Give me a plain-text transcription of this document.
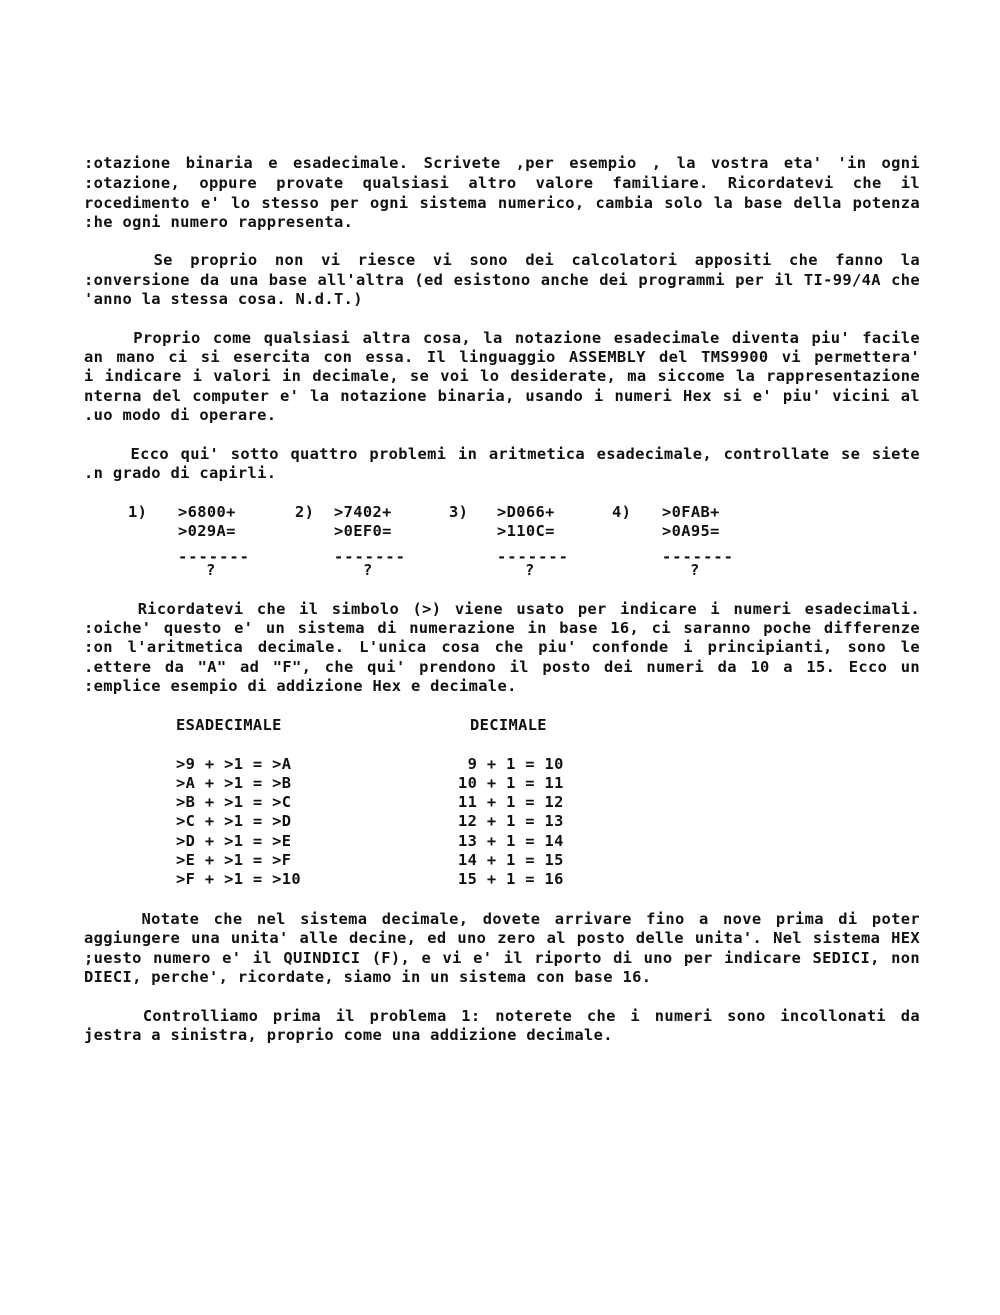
:otazione binaria e esadecimale. Scrivete ,per esempio , la vostra eta' 'in ogni
:otazione, oppure provate qualsiasi altro valore familiare. Ricordatevi che il
rocedimento e' lo stesso per ogni sistema numerico, cambia solo la base della potenza
:he ogni numero rappresenta.
Se proprio non vi riesce vi sono dei calcolatori appositi che fanno la
:onversione da una base all'altra (ed esistono anche dei programmi per il TI-99/4A che
'anno la stessa cosa. N.d.T.)
Proprio come qualsiasi altra cosa, la notazione esadecimale diventa piu' facile
an mano ci si esercita con essa. Il linguaggio ASSEMBLY del TMS9900 vi permettera'
i indicare i valori in decimale, se voi lo desiderate, ma siccome la rappresentazione
nterna del computer e' la notazione binaria, usando i numeri Hex si e' piu' vicini al
.uo modo di operare.
Ecco qui' sotto quattro problemi in aritmetica esadecimale, controllate se siete
.n grado di capirli.
1) >6800+
>029A=
-------
?
2) >7402+
>0EF0=
-------
?
3) >D066+
>110C=
-------
?
4) >0FAB+
>0A95=
-------
?
Ricordatevi che il simbolo (>) viene usato per indicare i numeri esadecimali.
:oiche' questo e' un sistema di numerazione in base 16, ci saranno poche differenze
:on l'aritmetica decimale. L'unica cosa che piu' confonde i principianti, sono le
.ettere da "A" ad "F", che qui' prendono il posto dei numeri da 10 a 15. Ecco un
:emplice esempio di addizione Hex e decimale.
ESADECIMALE	DECIMALE
>9 + >1 = >A
>A + >1 = >B
>B + >1 = >C
>C + >1 = >D
>D + >1 = >E
>E + >1 = >F
>F + >1 = >10
9 + 1 = 10
10 + 1 = 11
11 + 1 = 12
12 + 1 = 13
13 + 1 = 14
14 + 1 = 15
15 + 1 = 16
Notate che nel sistema decimale, dovete arrivare fino a nove prima di poter
aggiungere una unita' alle decine, ed uno zero al posto delle unita'. Nel sistema HEX
;uesto numero e' il QUINDICI (F), e vi e' il riporto di uno per indicare SEDICI, non
DIECI, perche', ricordate, siamo in un sistema con base 16.
Controlliamo prima il problema 1: noterete che i numeri sono incollonati da
jestra a sinistra, proprio come una addizione decimale.
